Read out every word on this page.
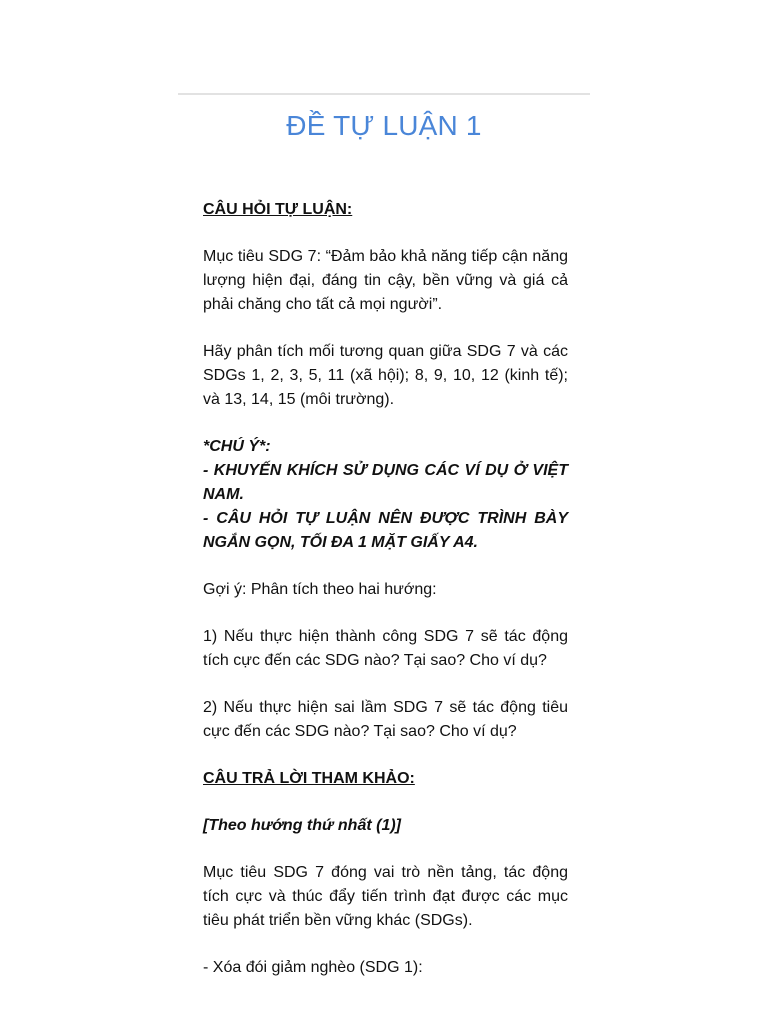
ĐỀ TỰ LUẬN 1

CÂU HỎI TỰ LUẬN:

Mục tiêu SDG 7: “Đảm bảo khả năng tiếp cận năng lượng hiện đại, đáng tin cậy, bền vững và giá cả phải chăng cho tất cả mọi người”.

Hãy phân tích mối tương quan giữa SDG 7 và các SDGs 1, 2, 3, 5, 11 (xã hội); 8, 9, 10, 12 (kinh tế); và 13, 14, 15 (môi trường).

*CHÚ Ý*:
- KHUYẾN KHÍCH SỬ DỤNG CÁC VÍ DỤ Ở VIỆT NAM.
- CÂU HỎI TỰ LUẬN NÊN ĐƯỢC TRÌNH BÀY NGẮN GỌN, TỐI ĐA 1 MẶT GIẤY A4.

Gợi ý: Phân tích theo hai hướng:

1) Nếu thực hiện thành công SDG 7 sẽ tác động tích cực đến các SDG nào? Tại sao? Cho ví dụ?

2) Nếu thực hiện sai lầm SDG 7 sẽ tác động tiêu cực đến các SDG nào? Tại sao? Cho ví dụ?

CÂU TRẢ LỜI THAM KHẢO:

[Theo hướng thứ nhất (1)]

Mục tiêu SDG 7 đóng vai trò nền tảng, tác động tích cực và thúc đẩy tiến trình đạt được các mục tiêu phát triển bền vững khác (SDGs).

- Xóa đói giảm nghèo (SDG 1):
